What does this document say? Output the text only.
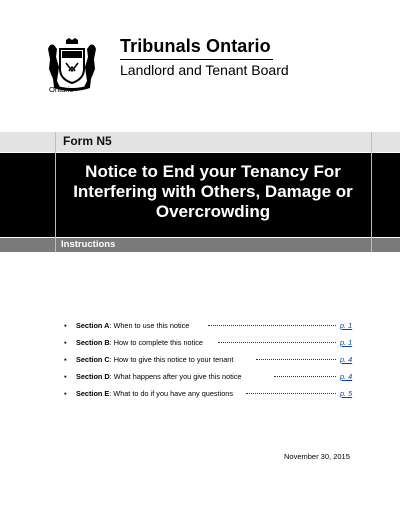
Ontario
Tribunals Ontario
Landlord and Tenant Board
Form N5
Notice to End your Tenancy For Interfering with Others, Damage or Overcrowding
Instructions
▪ Section A: When to use this notice	p. 1
▪ Section B: How to complete this notice	p. 1
▪ Section C: How to give this notice to your tenant	p. 4
▪ Section D: What happens after you give this notice	p. 4
▪ Section E: What to do if you have any questions	p. 5
November 30, 2015
